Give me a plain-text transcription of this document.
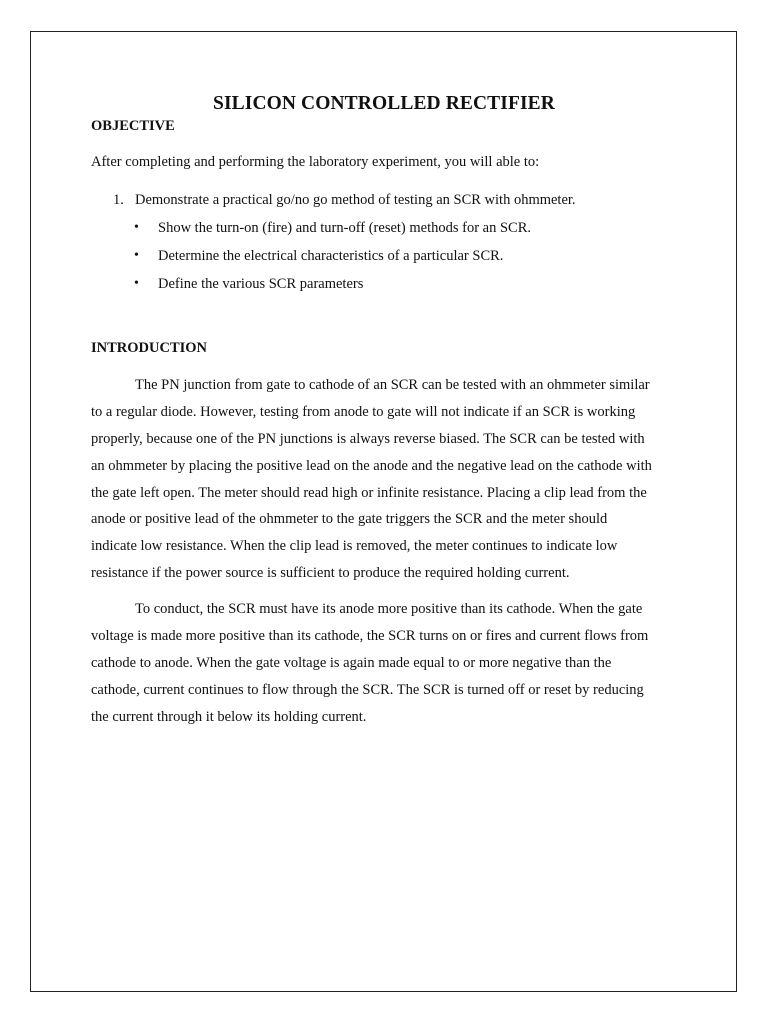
SILICON CONTROLLED RECTIFIER
OBJECTIVE
After completing and performing the laboratory experiment, you will able to:
1. Demonstrate a practical go/no go method of testing an SCR with ohmmeter.
• Show the turn-on (fire) and turn-off (reset) methods for an SCR.
• Determine the electrical characteristics of a particular SCR.
• Define the various SCR parameters
INTRODUCTION
The PN junction from gate to cathode of an SCR can be tested with an ohmmeter similar
to a regular diode. However, testing from anode to gate will not indicate if an SCR is working
properly, because one of the PN junctions is always reverse biased. The SCR can be tested with
an ohmmeter by placing the positive lead on the anode and the negative lead on the cathode with
the gate left open. The meter should read high or infinite resistance. Placing a clip lead from the
anode or positive lead of the ohmmeter to the gate triggers the SCR and the meter should
indicate low resistance. When the clip lead is removed, the meter continues to indicate low
resistance if the power source is sufficient to produce the required holding current.
To conduct, the SCR must have its anode more positive than its cathode. When the gate
voltage is made more positive than its cathode, the SCR turns on or fires and current flows from
cathode to anode. When the gate voltage is again made equal to or more negative than the
cathode, current continues to flow through the SCR. The SCR is turned off or reset by reducing
the current through it below its holding current.
